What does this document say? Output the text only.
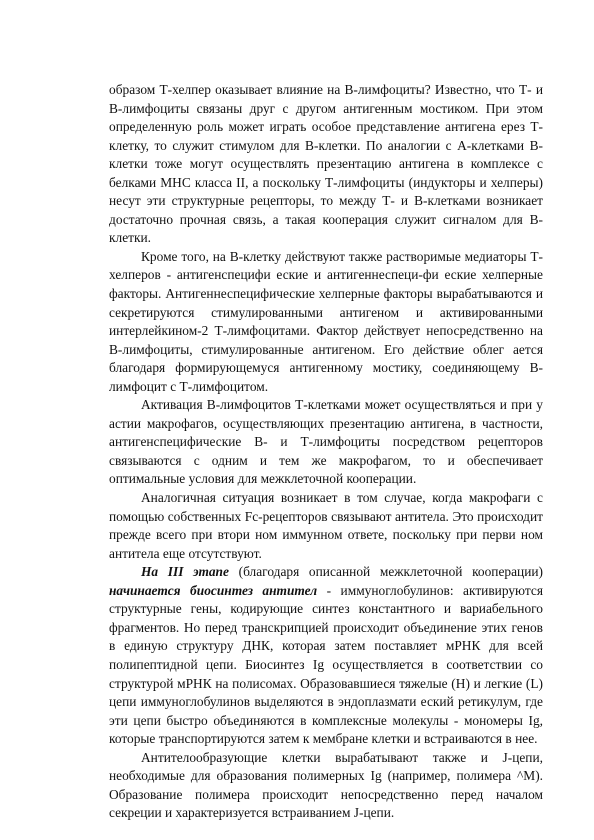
образом Т-хелпер оказывает влияние на В-лимфоциты? Известно, что Т- и В-лимфоциты связаны друг с другом антигенным мостиком. При этом определенную роль может играть особое представление антигена ерез Т-клетку, то служит стимулом для В-клетки. По аналогии с А-клетками В-клетки тоже могут осуществлять презентацию антигена в комплексе с белками МНС класса II, а поскольку Т-лимфоциты (индукторы и хелперы) несут эти структурные рецепторы, то между Т- и В-клетками возникает достаточно прочная связь, а такая кооперация служит сигналом для В-клетки.

Кроме того, на В-клетку действуют также растворимые медиаторы Т-хелперов - антигенспецифи еские и антигеннеспеци-фи еские хелперные факторы. Антигеннеспецифические хелперные факторы вырабатываются и секретируются стимулированными антигеном и активированными интерлейкином-2 Т-лимфоцитами. Фактор действует непосредственно на В-лимфоциты, стимулированные антигеном. Его действие облег ается благодаря формирующемуся антигенному мостику, соединяющему В-лимфоцит с Т-лимфоцитом.

Активация В-лимфоцитов Т-клетками может осуществляться и при у астии макрофагов, осуществляющих презентацию антигена, в частности, антигенспецифические В- и Т-лимфоциты посредством рецепторов связываются с одним и тем же макрофагом, то и обеспечивает оптимальные условия для межклеточной кооперации.

Аналогичная ситуация возникает в том случае, когда макрофаги с помощью собственных Fc-рецепторов связывают антитела. Это происходит прежде всего при втори ном иммунном ответе, поскольку при перви ном антитела еще отсутствуют.

На III этапе (благодаря описанной межклеточной кооперации) начинается биосинтез антител - иммуноглобулинов: активируются структурные гены, кодирующие синтез константного и вариабельного фрагментов. Но перед транскрипцией происходит объединение этих генов в единую структуру ДНК, которая затем поставляет мРНК для всей полипептидной цепи. Биосинтез Ig осуществляется в соответствии со структурой мРНК на полисомах. Образовавшиеся тяжелые (Н) и легкие (L) цепи иммуноглобулинов выделяются в эндоплазмати еский ретикулум, где эти цепи быстро объединяются в комплексные молекулы - мономеры Ig, которые транспортируются затем к мембране клетки и встраиваются в нее.

Антителообразующие клетки вырабатывают также и J-цепи, необходимые для образования полимерных Ig (например, полимера ^М). Образование полимера происходит непосредственно перед началом секреции и характеризуется встраиванием J-цепи.
